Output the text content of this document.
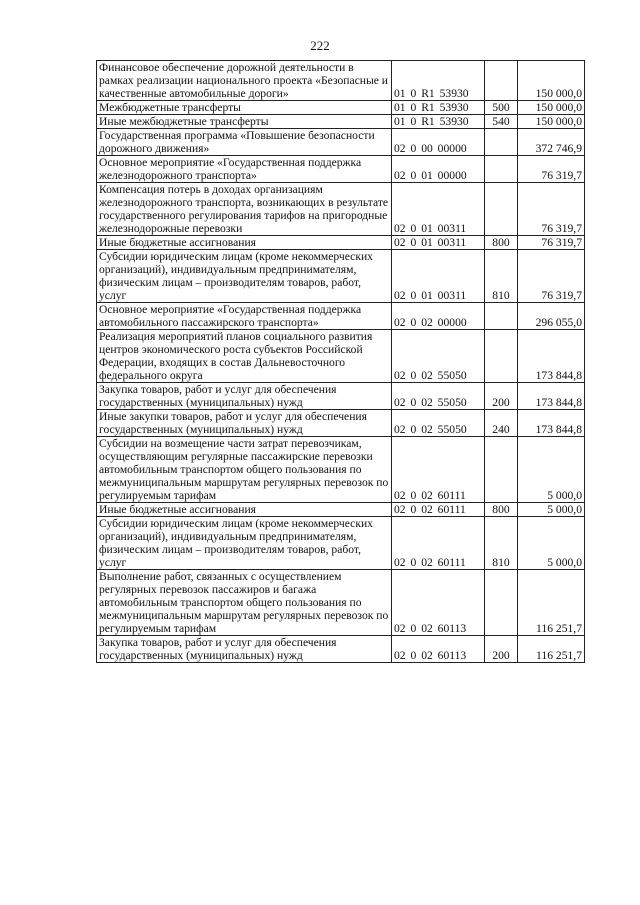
222
Финансовое обеспечение дорожной деятельности в рамках реализации национального проекта «Безопасные и качественные автомобильные дороги»	01 0 R1 53930		150 000,0
Межбюджетные трансферты	01 0 R1 53930	500	150 000,0
Иные межбюджетные трансферты	01 0 R1 53930	540	150 000,0
Государственная программа «Повышение безопасности дорожного движения»	02 0 00 00000		372 746,9
Основное мероприятие «Государственная поддержка железнодорожного транспорта»	02 0 01 00000		76 319,7
Компенсация потерь в доходах организациям железнодорожного транспорта, возникающих в результате государственного регулирования тарифов на пригородные железнодорожные перевозки	02 0 01 00311		76 319,7
Иные бюджетные ассигнования	02 0 01 00311	800	76 319,7
Субсидии юридическим лицам (кроме некоммерческих организаций), индивидуальным предпринимателям, физическим лицам – производителям товаров, работ, услуг	02 0 01 00311	810	76 319,7
Основное мероприятие «Государственная поддержка автомобильного пассажирского транспорта»	02 0 02 00000		296 055,0
Реализация мероприятий планов социального развития центров экономического роста субъектов Российской Федерации, входящих в состав Дальневосточного федерального округа	02 0 02 55050		173 844,8
Закупка товаров, работ и услуг для обеспечения государственных (муниципальных) нужд	02 0 02 55050	200	173 844,8
Иные закупки товаров, работ и услуг для обеспечения государственных (муниципальных) нужд	02 0 02 55050	240	173 844,8
Субсидии на возмещение части затрат перевозчикам, осуществляющим регулярные пассажирские перевозки автомобильным транспортом общего пользования по межмуниципальным маршрутам регулярных перевозок по регулируемым тарифам	02 0 02 60111		5 000,0
Иные бюджетные ассигнования	02 0 02 60111	800	5 000,0
Субсидии юридическим лицам (кроме некоммерческих организаций), индивидуальным предпринимателям, физическим лицам – производителям товаров, работ, услуг	02 0 02 60111	810	5 000,0
Выполнение работ, связанных с осуществлением регулярных перевозок пассажиров и багажа автомобильным транспортом общего пользования по межмуниципальным маршрутам регулярных перевозок по регулируемым тарифам	02 0 02 60113		116 251,7
Закупка товаров, работ и услуг для обеспечения государственных (муниципальных) нужд	02 0 02 60113	200	116 251,7
